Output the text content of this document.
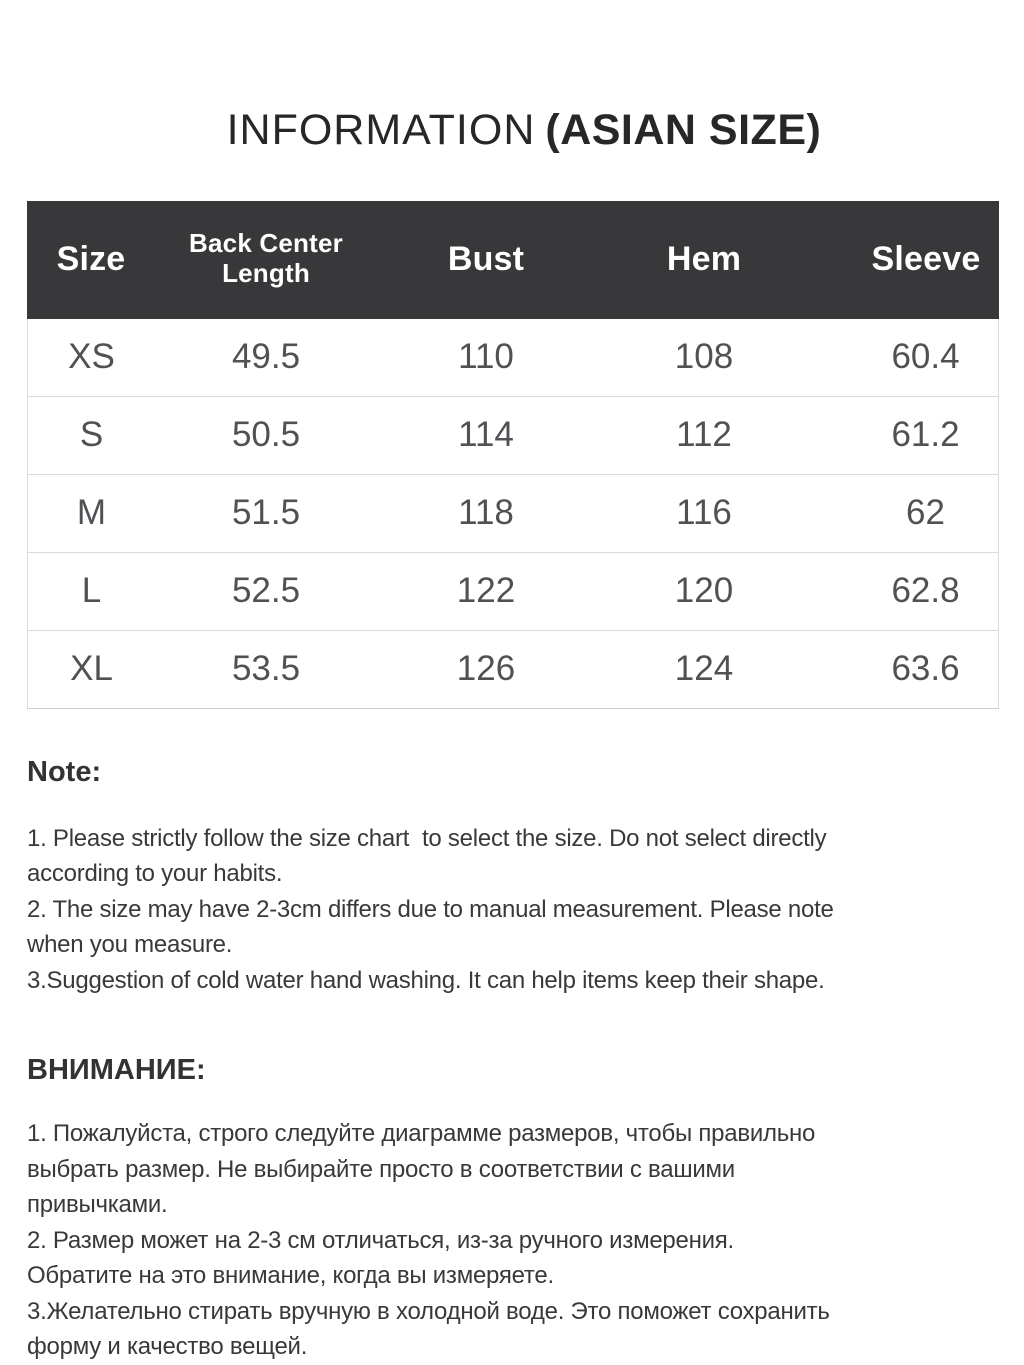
INFORMATION (ASIAN SIZE)

Size	Back Center Length	Bust	Hem	Sleeve
XS	49.5	110	108	60.4
S	50.5	114	112	61.2
M	51.5	118	116	62
L	52.5	122	120	62.8
XL	53.5	126	124	63.6
Note:
1. Please strictly follow the size chart  to select the size. Do not select directly
according to your habits.
2. The size may have 2-3cm differs due to manual measurement. Please note
when you measure.
3.Suggestion of cold water hand washing. It can help items keep their shape.
ВНИМАНИЕ:
1. Пожалуйста, строго следуйте диаграмме размеров, чтобы правильно
выбрать размер. Не выбирайте просто в соответствии с вашими
привычками.
2. Размер может на 2-3 см отличаться, из-за ручного измерения.
Обратите на это внимание, когда вы измеряете.
3.Желательно стирать вручную в холодной воде. Это поможет сохранить
форму и качество вещей.
